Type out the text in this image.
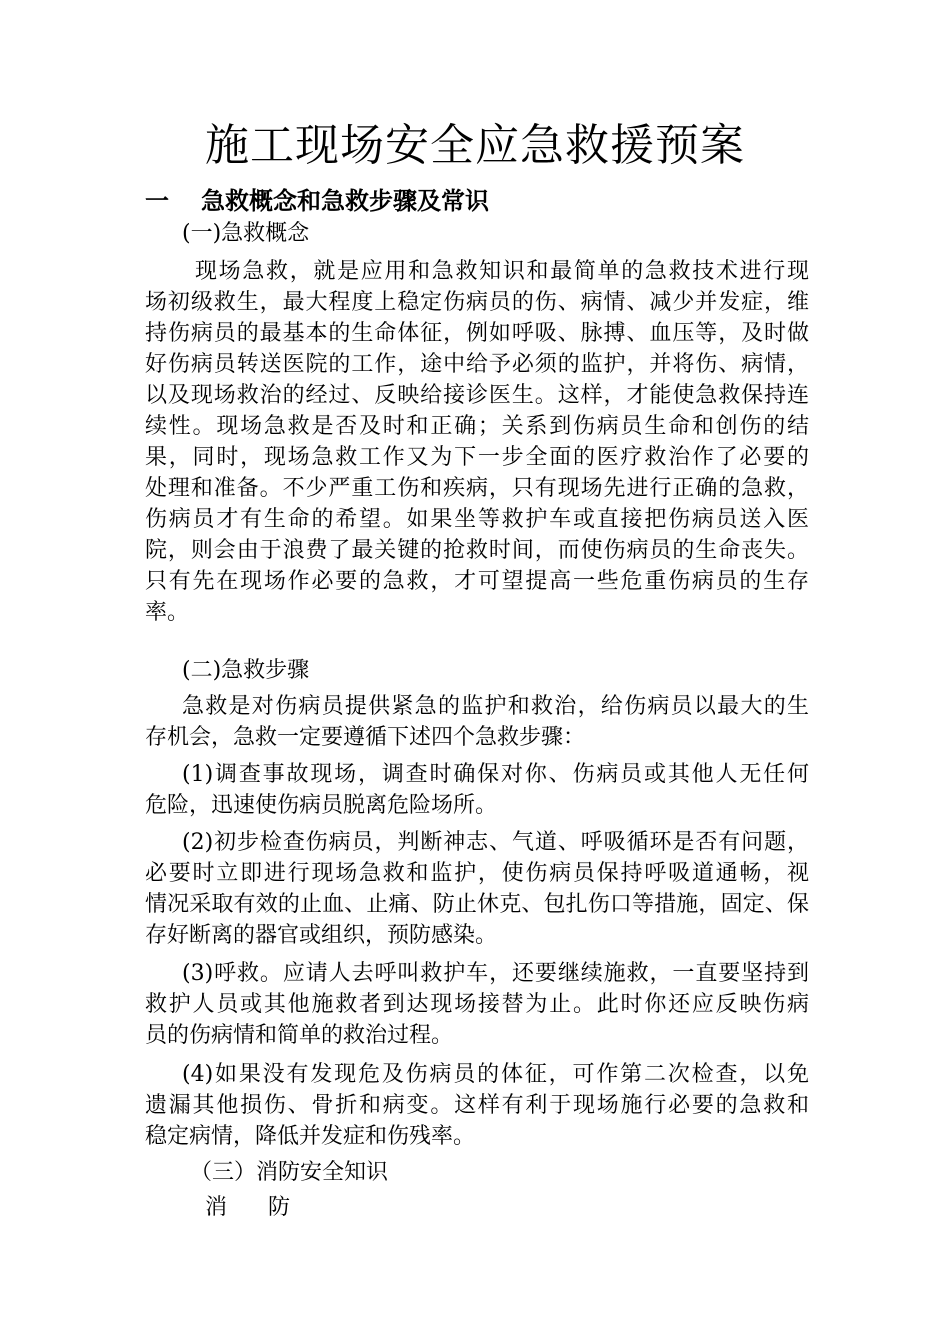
施工现场安全应急救援预案
一 急救概念和急救步骤及常识
(一)急救概念
现场急救，就是应用和急救知识和最简单的急救技术进行现
场初级救生，最大程度上稳定伤病员的伤、病情、减少并发症，维
持伤病员的最基本的生命体征，例如呼吸、脉搏、血压等，及时做
好伤病员转送医院的工作，途中给予必须的监护，并将伤、病情，
以及现场救治的经过、反映给接诊医生。这样，才能使急救保持连
续性。现场急救是否及时和正确；关系到伤病员生命和创伤的结
果，同时，现场急救工作又为下一步全面的医疗救治作了必要的
处理和准备。不少严重工伤和疾病，只有现场先进行正确的急救，
伤病员才有生命的希望。如果坐等救护车或直接把伤病员送入医
院，则会由于浪费了最关键的抢救时间，而使伤病员的生命丧失。
只有先在现场作必要的急救，才可望提高一些危重伤病员的生存
率。
(二)急救步骤
急救是对伤病员提供紧急的监护和救治，给伤病员以最大的生
存机会，急救一定要遵循下述四个急救步骤：
(1)调查事故现场，调查时确保对你、伤病员或其他人无任何
危险，迅速使伤病员脱离危险场所。
(2)初步检查伤病员，判断神志、气道、呼吸循环是否有问题，
必要时立即进行现场急救和监护，使伤病员保持呼吸道通畅，视
情况采取有效的止血、止痛、防止休克、包扎伤口等措施，固定、保
存好断离的器官或组织，预防感染。
(3)呼救。应请人去呼叫救护车，还要继续施救，一直要坚持到
救护人员或其他施救者到达现场接替为止。此时你还应反映伤病
员的伤病情和简单的救治过程。
(4)如果没有发现危及伤病员的体征，可作第二次检查，以免
遗漏其他损伤、骨折和病变。这样有利于现场施行必要的急救和
稳定病情，降低并发症和伤残率。
（三）消防安全知识
消 防
